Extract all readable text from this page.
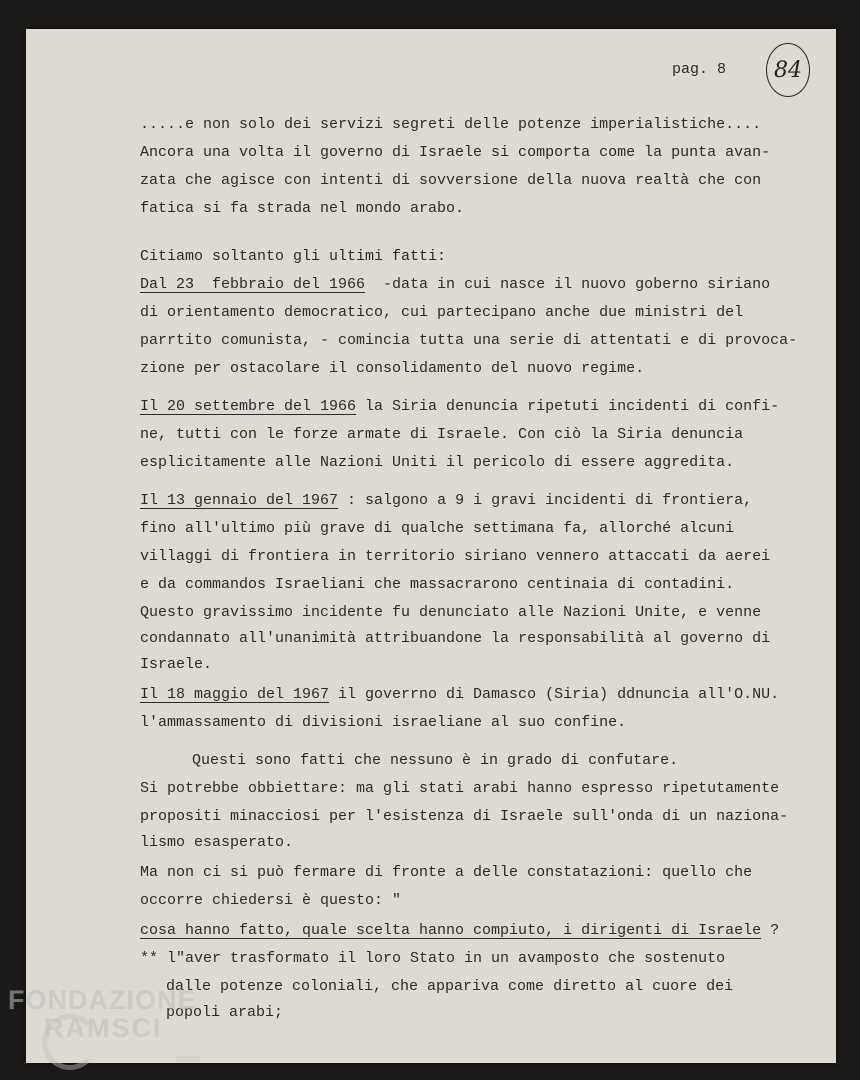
pag. 8	84
.....e non solo dei servizi segreti delle potenze imperialistiche....
Ancora una volta il governo di Israele si comporta come la punta avan-
zata che agisce con intenti di sovversione della nuova realtà che con
fatica si fa strada nel mondo arabo.
Citiamo soltanto gli ultimi fatti:
Dal 23  febbraio del 1966  -data in cui nasce il nuovo goberno siriano
di orientamento democratico, cui partecipano anche due ministri del
parrtito comunista, - comincia tutta una serie di attentati e di provoca-
zione per ostacolare il consolidamento del nuovo regime.
Il 20 settembre del 1966 la Siria denuncia ripetuti incidenti di confi-
ne, tutti con le forze armate di Israele. Con ciò la Siria denuncia
esplicitamente alle Nazioni Uniti il pericolo di essere aggredita.
Il 13 gennaio del 1967 : salgono a 9 i gravi incidenti di frontiera,
fino all'ultimo più grave di qualche settimana fa, allorché alcuni
villaggi di frontiera in territorio siriano vennero attaccati da aerei
e da commandos Israeliani che massacrarono centinaia di contadini.
Questo gravissimo incidente fu denunciato alle Nazioni Unite, e venne
condannato all'unanimità attribuandone la responsabilità al governo di
Israele.
Il 18 maggio del 1967 il goverrno di Damasco (Siria) ddnuncia all'O.NU.
l'ammassamento di divisioni israeliane al suo confine.
Questi sono fatti che nessuno è in grado di confutare.
Si potrebbe obbiettare: ma gli stati arabi hanno espresso ripetutamente
propositi minacciosi per l'esistenza di Israele sull'onda di un naziona-
lismo esasperato.
Ma non ci si può fermare di fronte a delle constatazioni: quello che
occorre chiedersi è questo: "
cosa hanno fatto, quale scelta hanno compiuto, i dirigenti di Israele ?
** l"aver trasformato il loro Stato in un avamposto che sostenuto
dalle potenze coloniali, che appariva come diretto al cuore dei
popoli arabi;
FONDAZIONE
RAMSCI
onlus
